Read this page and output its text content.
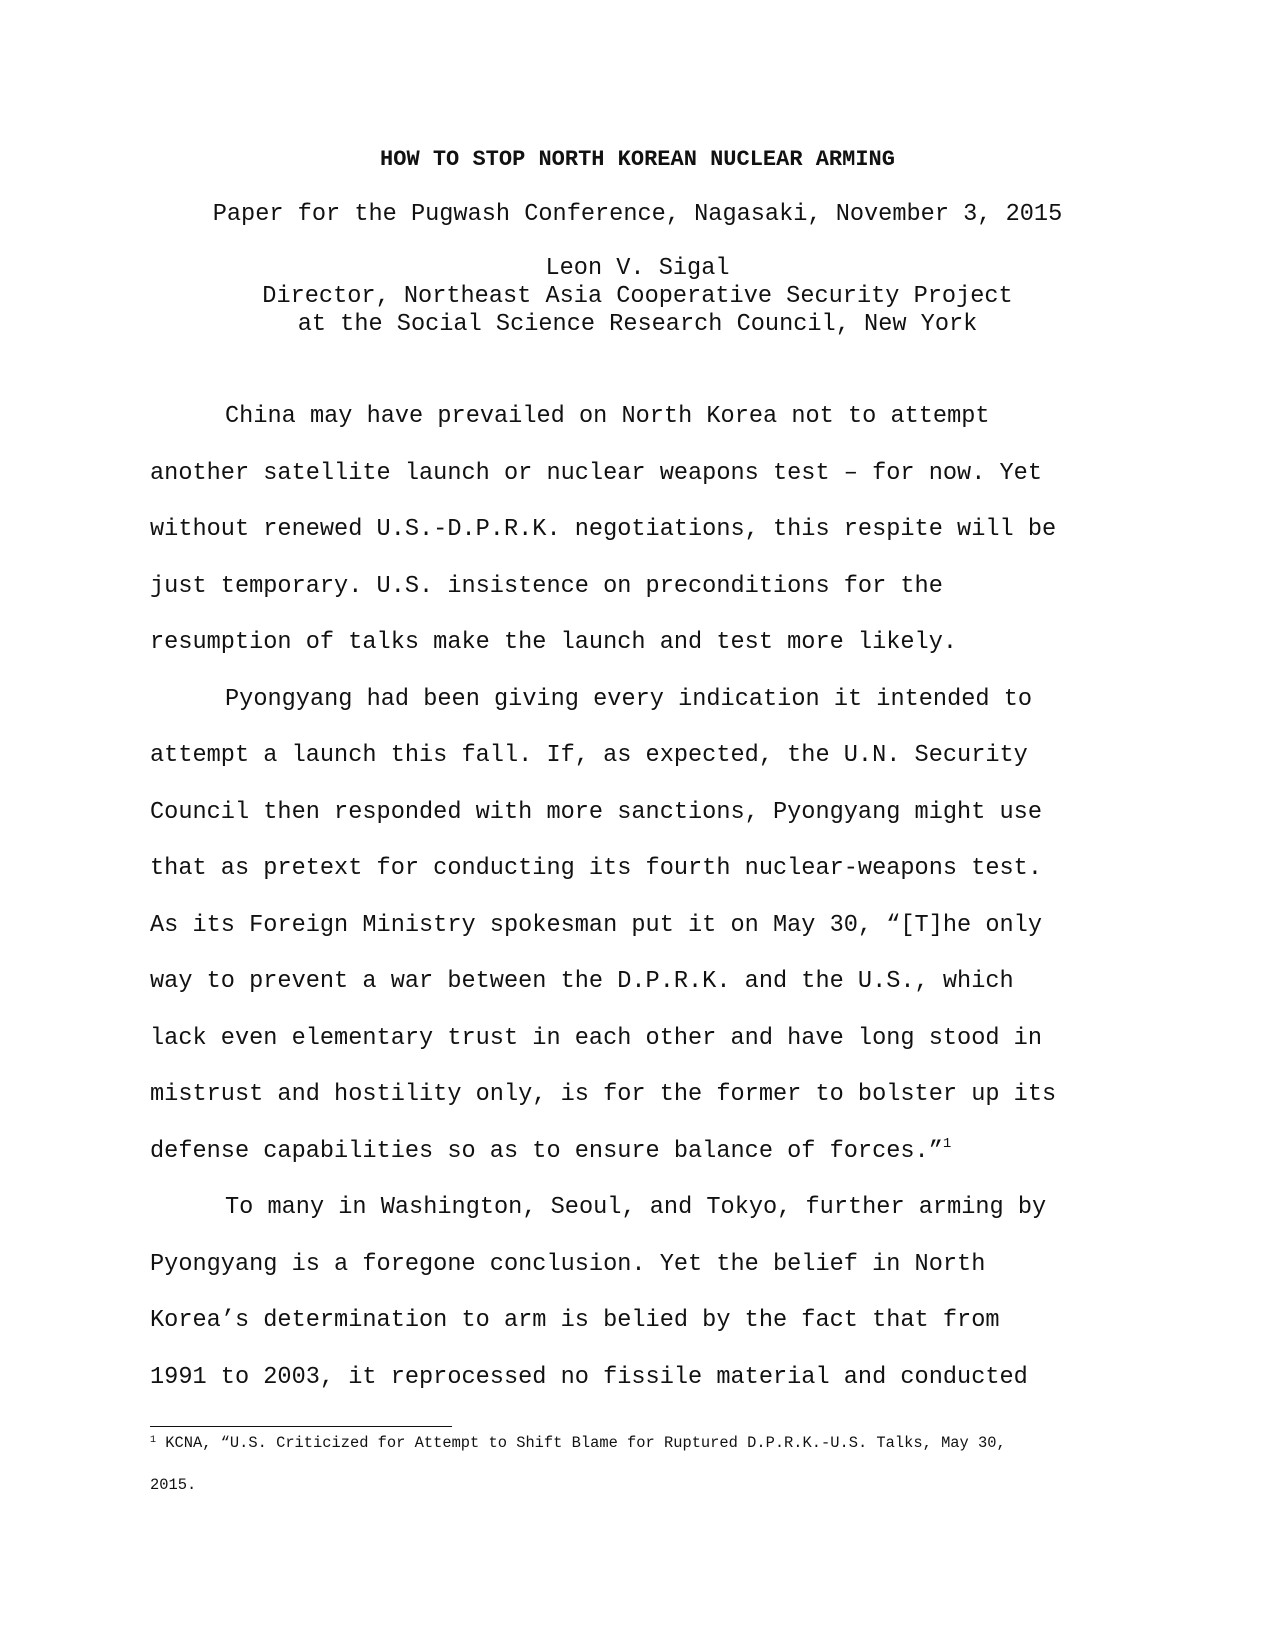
HOW TO STOP NORTH KOREAN NUCLEAR ARMING
Paper for the Pugwash Conference, Nagasaki, November 3, 2015
Leon V. Sigal
Director, Northeast Asia Cooperative Security Project
at the Social Science Research Council, New York
China may have prevailed on North Korea not to attempt
another satellite launch or nuclear weapons test – for now. Yet
without renewed U.S.-D.P.R.K. negotiations, this respite will be
just temporary. U.S. insistence on preconditions for the
resumption of talks make the launch and test more likely.
Pyongyang had been giving every indication it intended to
attempt a launch this fall. If, as expected, the U.N. Security
Council then responded with more sanctions, Pyongyang might use
that as pretext for conducting its fourth nuclear-weapons test.
As its Foreign Ministry spokesman put it on May 30, “[T]he only
way to prevent a war between the D.P.R.K. and the U.S., which
lack even elementary trust in each other and have long stood in
mistrust and hostility only, is for the former to bolster up its
defense capabilities so as to ensure balance of forces.”$^1$
To many in Washington, Seoul, and Tokyo, further arming by
Pyongyang is a foregone conclusion. Yet the belief in North
Korea’s determination to arm is belied by the fact that from
1991 to 2003, it reprocessed no fissile material and conducted
$^1$ KCNA, “U.S. Criticized for Attempt to Shift Blame for Ruptured D.P.R.K.-U.S. Talks, May 30,

2015.
